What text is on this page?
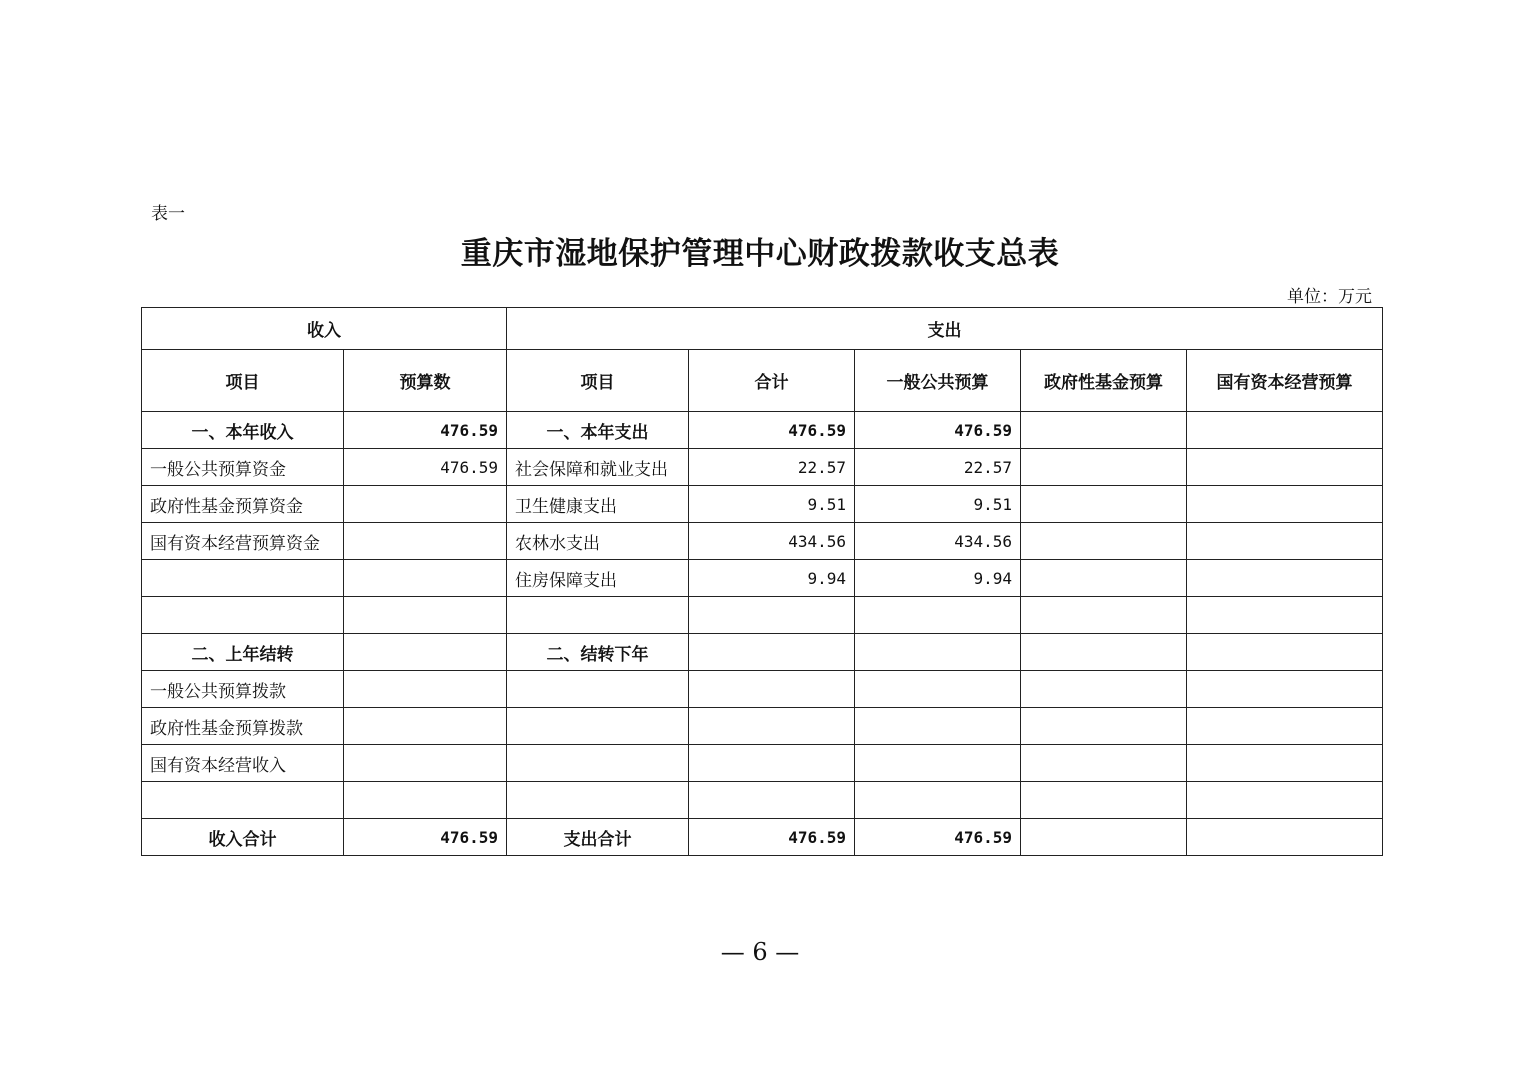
表一
重庆市湿地保护管理中心财政拨款收支总表
单位：万元
收入		支出				
项目	预算数	项目	合计	一般公共预算	政府性基金预算	国有资本经营预算
一、本年收入	476.59	一、本年支出	476.59	476.59		
一般公共预算资金	476.59	社会保障和就业支出	22.57	22.57		
政府性基金预算资金		卫生健康支出	9.51	9.51		
国有资本经营预算资金		农林水支出	434.56	434.56		
		住房保障支出	9.94	9.94		

二、上年结转		二、结转下年				
一般公共预算拨款						
政府性基金预算拨款						
国有资本经营收入						

收入合计	476.59	支出合计	476.59	476.59		
— 6 —
